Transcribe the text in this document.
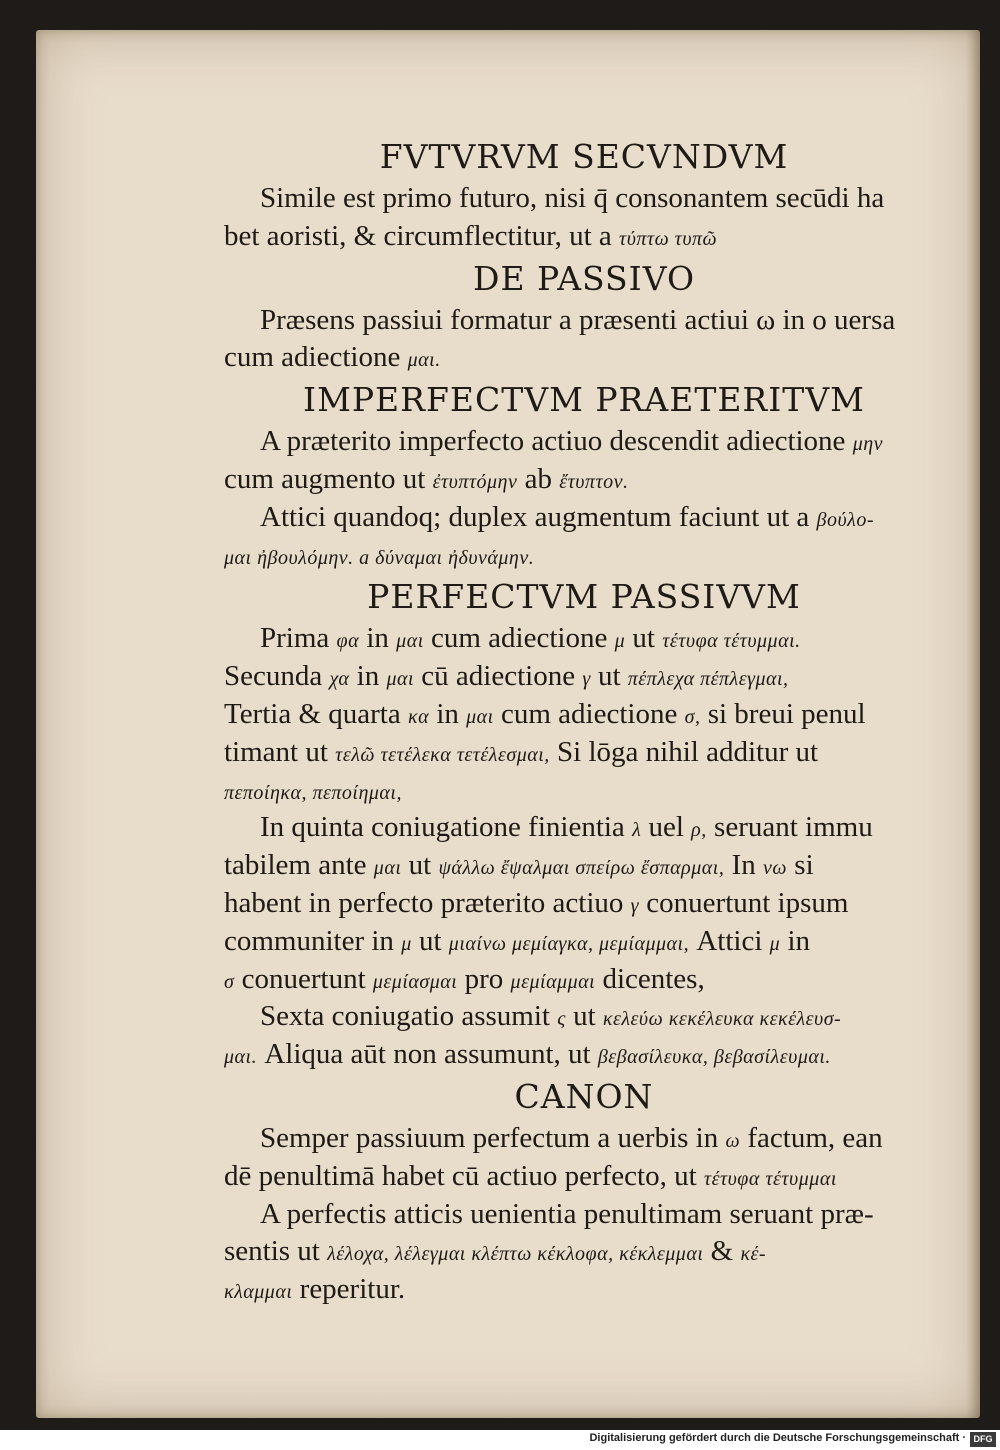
FVTVRVM SECVNDVM
Simile est primo futuro, nisi q̄ consonantem secūdi ha
bet aoristi, & circumflectitur, ut a τύπτω τυπῶ
DE PASSIVO
Præsens passiui formatur a præsenti actiui ω in ο uersa
cum adiectione μαι.
IMPERFECTVM PRAETERITVM
A præterito imperfecto actiuo descendit adiectione μην
cum augmento ut ἐτυπτόμην ab ἔτυπτον.
Attici quandoq; duplex augmentum faciunt ut a βούλο-
μαι ἠβουλόμην. a δύναμαι ἠδυνάμην.
PERFECTVM PASSIVVM
Prima φα in μαι cum adiectione μ ut τέτυφα τέτυμμαι.
Secunda χα in μαι cū adiectione γ ut πέπλεχα πέπλεγμαι,
Tertia & quarta κα in μαι cum adiectione σ, si breui penul
timant ut τελῶ τετέλεκα τετέλεσμαι, Si lōga nihil additur ut
πεποίηκα, πεποίημαι,
In quinta coniugatione finientia λ uel ρ, seruant immu
tabilem ante μαι ut ψάλλω ἔψαλμαι σπείρω ἔσπαρμαι, In νω si
habent in perfecto præterito actiuo γ conuertunt ipsum
communiter in μ ut μιαίνω μεμίαγκα, μεμίαμμαι, Attici μ in
σ conuertunt μεμίασμαι pro μεμίαμμαι dicentes,
Sexta coniugatio assumit ς ut κελεύω κεκέλευκα κεκέλευσ-
μαι. Aliqua aūt non assumunt, ut βεβασίλευκα, βεβασίλευμαι.
CANON
Semper passiuum perfectum a uerbis in ω factum, ean
dē penultimā habet cū actiuo perfecto, ut τέτυφα τέτυμμαι
A perfectis atticis uenientia penultimam seruant præ-
sentis ut λέλοχα, λέλεγμαι κλέπτω κέκλοφα, κέκλεμμαι & κέ-
κλαμμαι reperitur.
Digitalisierung gefördert durch die Deutsche Forschungsgemeinschaft · DFG
